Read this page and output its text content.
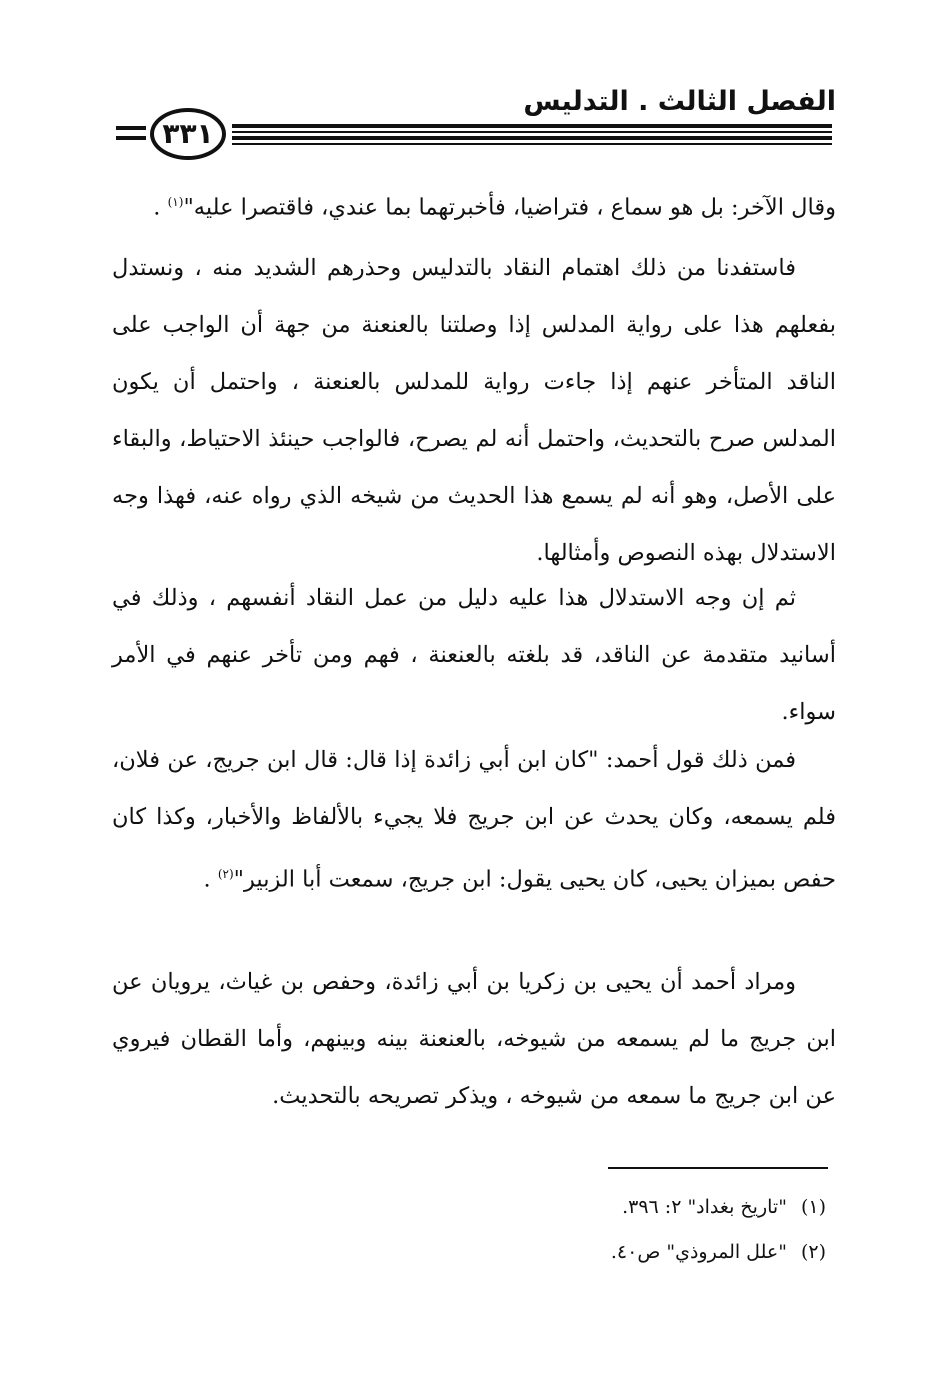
الفصل الثالث . التدليس
٣٣١

وقال الآخر: بل هو سماع ، فتراضيا، فأخبرتهما بما عندي، فاقتصرا عليه"$^{(١)}$ .

فاستفدنا من ذلك اهتمام النقاد بالتدليس وحذرهم الشديد منه ، ونستدل بفعلهم هذا على رواية المدلس إذا وصلتنا بالعنعنة من جهة أن الواجب على الناقد المتأخر عنهم إذا جاءت رواية للمدلس بالعنعنة ، واحتمل أن يكون المدلس صرح بالتحديث، واحتمل أنه لم يصرح، فالواجب حينئذ الاحتياط، والبقاء على الأصل، وهو أنه لم يسمع هذا الحديث من شيخه الذي رواه عنه، فهذا وجه الاستدلال بهذه النصوص وأمثالها.

ثم إن وجه الاستدلال هذا عليه دليل من عمل النقاد أنفسهم ، وذلك في أسانيد متقدمة عن الناقد، قد بلغته بالعنعنة ، فهم ومن تأخر عنهم في الأمر سواء.

فمن ذلك قول أحمد: "كان ابن أبي زائدة إذا قال: قال ابن جريج، عن فلان، فلم يسمعه، وكان يحدث عن ابن جريج فلا يجيء بالألفاظ والأخبار، وكذا كان حفص بميزان يحيى، كان يحيى يقول: ابن جريج، سمعت أبا الزبير"$^{(٢)}$ .

ومراد أحمد أن يحيى بن زكريا بن أبي زائدة، وحفص بن غياث، يرويان عن ابن جريج ما لم يسمعه من شيوخه، بالعنعنة بينه وبينهم، وأما القطان فيروي عن ابن جريج ما سمعه من شيوخه ، ويذكر تصريحه بالتحديث.

(١)"تاريخ بغداد" ٢: ٣٩٦.
(٢)"علل المروذي" ص٤٠.
